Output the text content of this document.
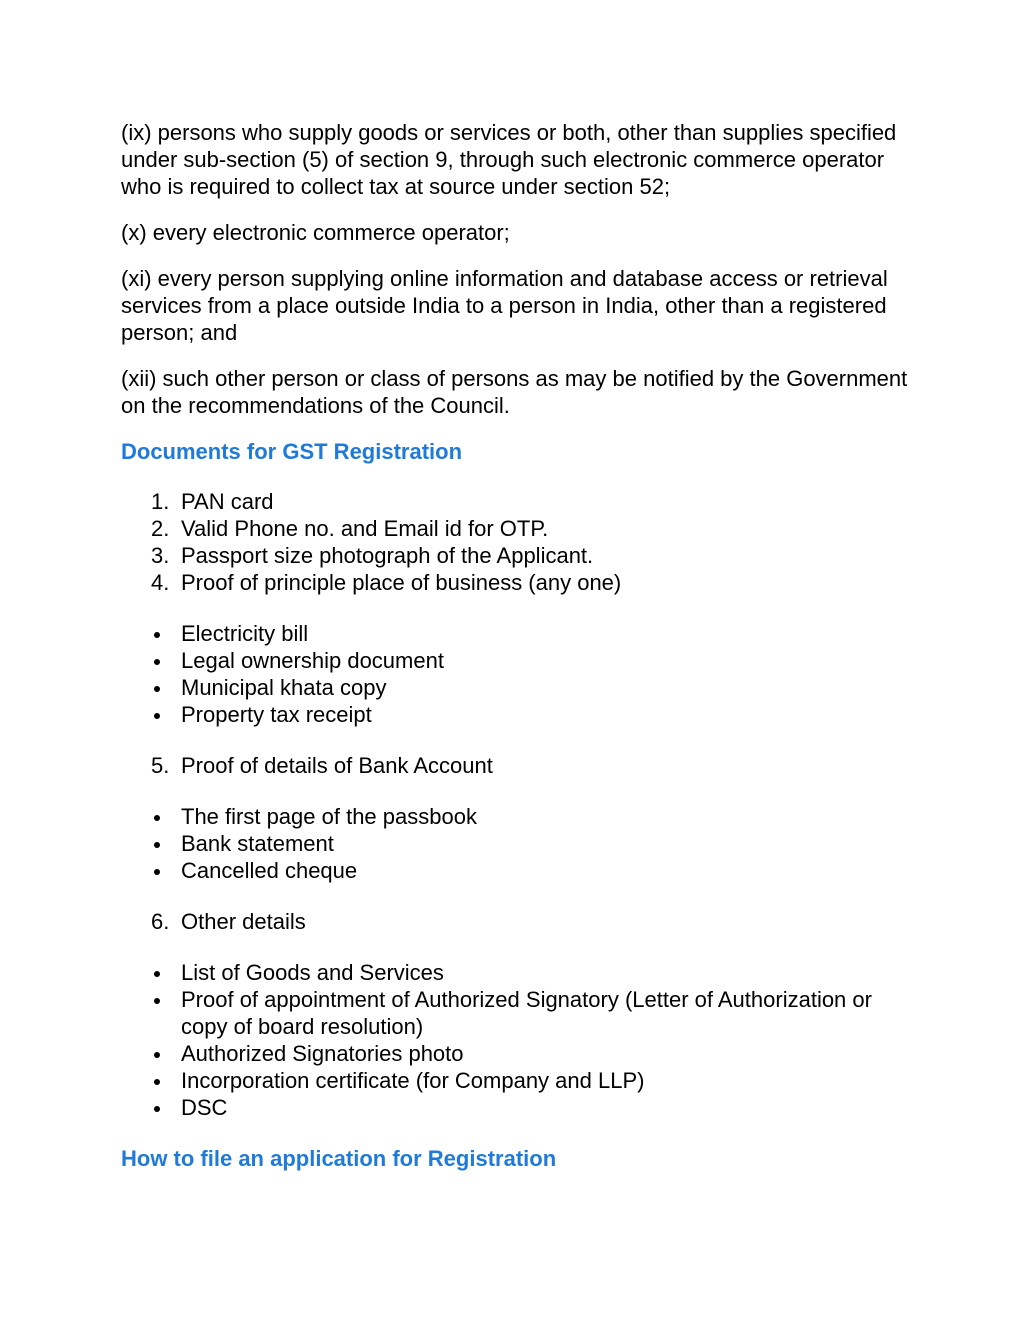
(ix) persons who supply goods or services or both, other than supplies specified under sub-section (5) of section 9, through such electronic commerce operator who is required to collect tax at source under section 52;

(x) every electronic commerce operator;

(xi) every person supplying online information and database access or retrieval services from a place outside India to a person in India, other than a registered person; and

(xii) such other person or class of persons as may be notified by the Government on the recommendations of the Council.

Documents for GST Registration
1. PAN card
2. Valid Phone no. and Email id for OTP.
3. Passport size photograph of the Applicant.
4. Proof of principle place of business (any one)
Electricity bill
Legal ownership document
Municipal khata copy
Property tax receipt
5. Proof of details of Bank Account
The first page of the passbook
Bank statement
Cancelled cheque
6. Other details
List of Goods and Services
Proof of appointment of Authorized Signatory (Letter of Authorization or copy of board resolution)
Authorized Signatories photo
Incorporation certificate (for Company and LLP)
DSC
How to file an application for Registration
